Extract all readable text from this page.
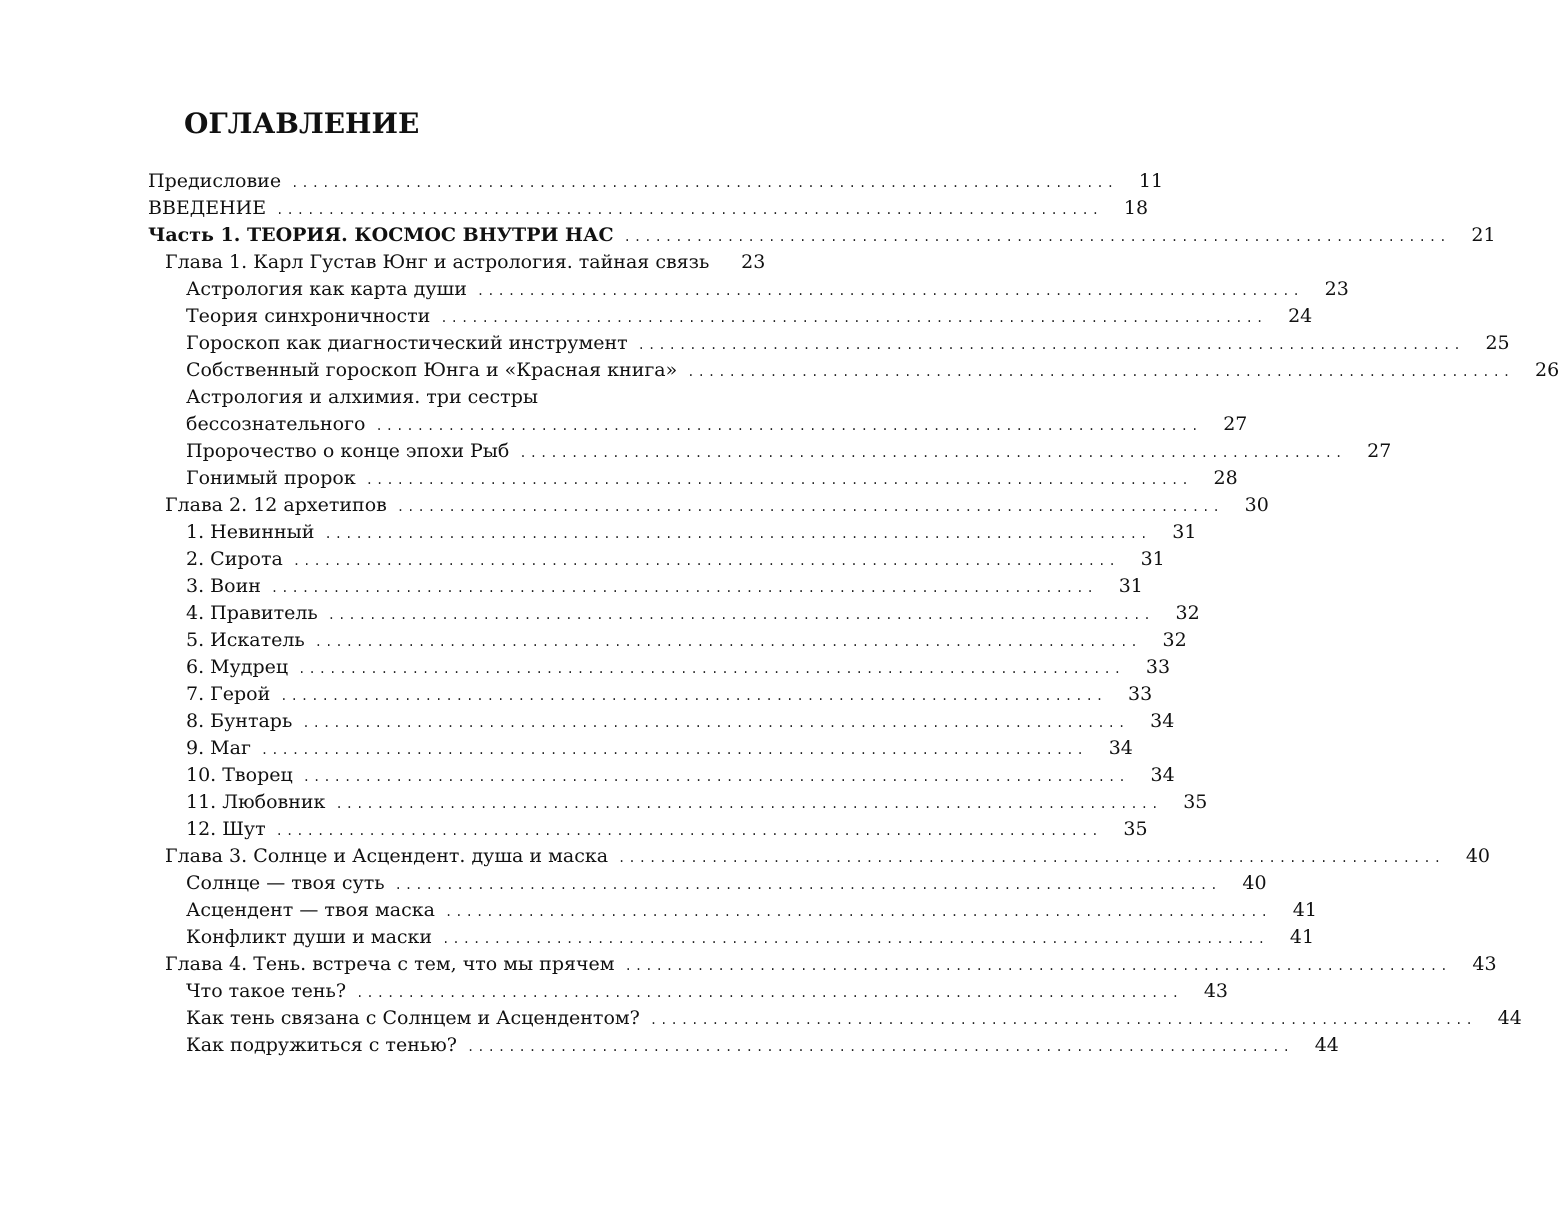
ОГЛАВЛЕНИЕ
Предисловие ................................................................................	11
ВВЕДЕНИЕ ................................................................................	18
Часть 1. ТЕОРИЯ. КОСМОС ВНУТРИ НАС ................................................................................	21
Глава 1. Карл Густав Юнг и астрология. тайная связь	23
Астрология как карта души ................................................................................	23
Теория синхроничности ................................................................................	24
Гороскоп как диагностический инструмент ................................................................................	25
Собственный гороскоп Юнга и «Красная книга» ................................................................................	26
Астрология и алхимия. три сестры
бессознательного ................................................................................	27
Пророчество о конце эпохи Рыб ................................................................................	27
Гонимый пророк ................................................................................	28
Глава 2. 12 архетипов ................................................................................	30
1. Невинный ................................................................................	31
2. Сирота ................................................................................	31
3. Воин ................................................................................	31
4. Правитель ................................................................................	32
5. Искатель ................................................................................	32
6. Мудрец ................................................................................	33
7. Герой ................................................................................	33
8. Бунтарь ................................................................................	34
9. Маг ................................................................................	34
10. Творец ................................................................................	34
11. Любовник ................................................................................	35
12. Шут ................................................................................	35
Глава 3. Солнце и Асцендент. душа и маска ................................................................................	40
Солнце — твоя суть ................................................................................	40
Асцендент — твоя маска ................................................................................	41
Конфликт души и маски ................................................................................	41
Глава 4. Тень. встреча с тем, что мы прячем ................................................................................	43
Что такое тень? ................................................................................	43
Как тень связана с Солнцем и Асцендентом? ................................................................................	44
Как подружиться с тенью? ................................................................................	44
